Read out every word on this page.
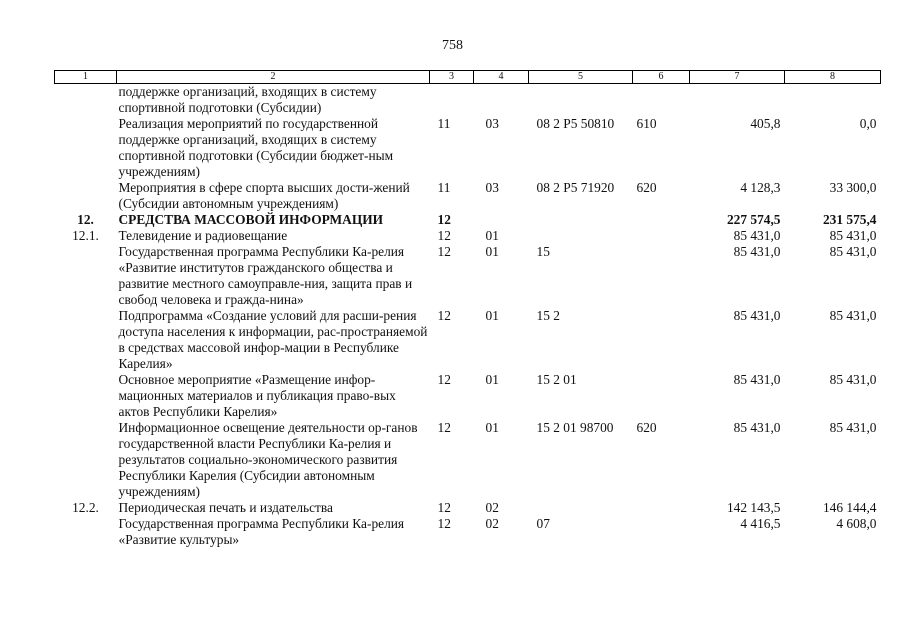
758
1	2	3	4	5	6	7	8
	поддержке организаций, входящих в систему спортивной подготовки (Субсидии)						
	Реализация мероприятий по государственной поддержке организаций, входящих в систему спортивной подготовки (Субсидии бюджет-ным учреждениям)	11	03	08 2 P5 50810	610	405,8	0,0
	Мероприятия в сфере спорта высших дости-жений (Субсидии автономным учреждениям)	11	03	08 2 P5 71920	620	4 128,3	33 300,0
12.	СРЕДСТВА МАССОВОЙ ИНФОРМАЦИИ	12				227 574,5	231 575,4
12.1.	Телевидение и радиовещание	12	01			85 431,0	85 431,0
	Государственная программа Республики Ка-релия «Развитие институтов гражданского общества и развитие местного самоуправле-ния, защита прав и свобод человека и гражда-нина»	12	01	15		85 431,0	85 431,0
	Подпрограмма «Создание условий для расши-рения доступа населения к информации, рас-пространяемой в средствах массовой инфор-мации в Республике Карелия»	12	01	15 2		85 431,0	85 431,0
	Основное мероприятие «Размещение инфор-мационных материалов и публикация право-вых актов Республики Карелия»	12	01	15 2 01		85 431,0	85 431,0
	Информационное освещение деятельности ор-ганов государственной власти Республики Ка-релия и результатов социально-экономического развития Республики Карелия (Субсидии автономным учреждениям)	12	01	15 2 01 98700	620	85 431,0	85 431,0
12.2.	Периодическая печать и издательства	12	02			142 143,5	146 144,4
	Государственная программа Республики Ка-релия «Развитие культуры»	12	02	07		4 416,5	4 608,0
